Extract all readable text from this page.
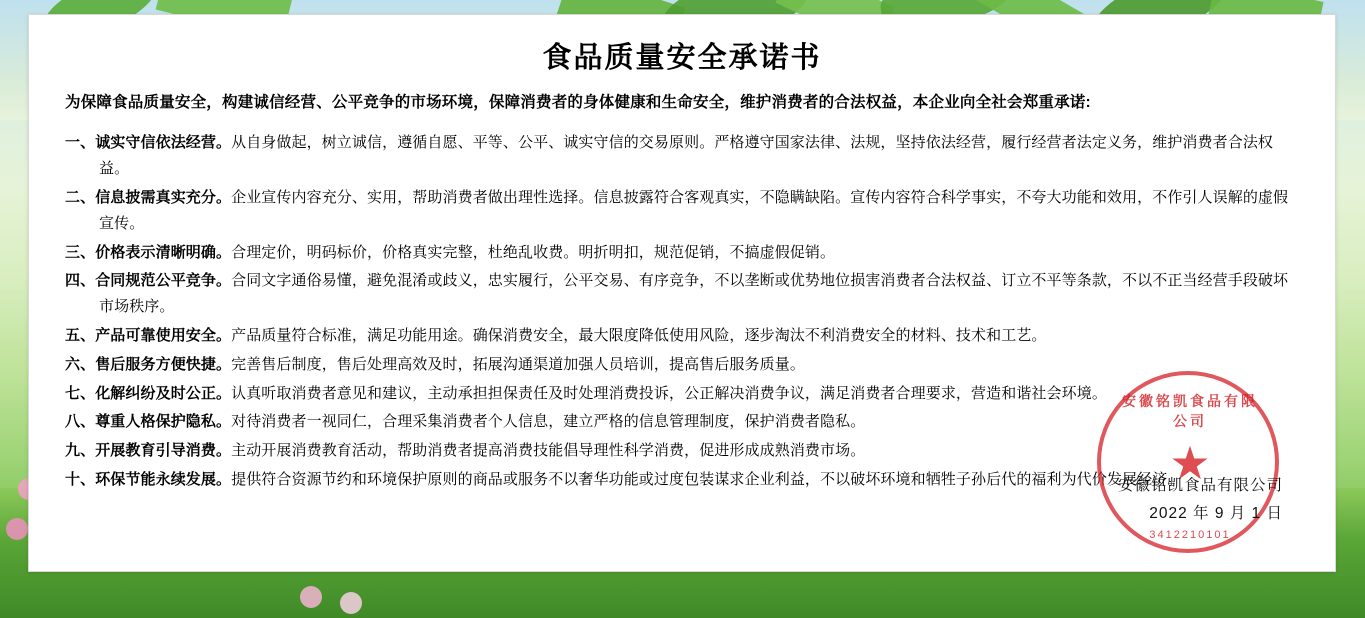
食品质量安全承诺书

为保障食品质量安全，构建诚信经营、公平竞争的市场环境，保障消费者的身体健康和生命安全，维护消费者的合法权益，本企业向全社会郑重承诺:

一、诚实守信依法经营。从自身做起，树立诚信，遵循自愿、平等、公平、诚实守信的交易原则。严格遵守国家法律、法规，坚持依法经营，履行经营者法定义务，维护消费者合法权益。
二、信息披需真实充分。企业宣传内容充分、实用，帮助消费者做出理性选择。信息披露符合客观真实，不隐瞒缺陷。宣传内容符合科学事实，不夸大功能和效用，不作引人误解的虚假宣传。
三、价格表示清晰明确。合理定价，明码标价，价格真实完整，杜绝乱收费。明折明扣，规范促销，不搞虚假促销。
四、合同规范公平竞争。合同文字通俗易懂，避免混淆或歧义，忠实履行，公平交易、有序竞争，不以垄断或优势地位损害消费者合法权益、订立不平等条款，不以不正当经营手段破坏市场秩序。
五、产品可靠使用安全。产品质量符合标准，满足功能用途。确保消费安全，最大限度降低使用风险，逐步淘汰不利消费安全的材料、技术和工艺。
六、售后服务方便快捷。完善售后制度，售后处理高效及时，拓展沟通渠道加强人员培训，提高售后服务质量。
七、化解纠纷及时公正。认真听取消费者意见和建议，主动承担担保责任及时处理消费投诉，公正解决消费争议，满足消费者合理要求，营造和谐社会环境。
八、尊重人格保护隐私。对待消费者一视同仁，合理采集消费者个人信息，建立严格的信息管理制度，保护消费者隐私。
九、开展教育引导消费。主动开展消费教育活动，帮助消费者提高消费技能倡导理性科学消费，促进形成成熟消费市场。
十、环保节能永续发展。提供符合资源节约和环境保护原则的商品或服务不以奢华功能或过度包装谋求企业利益，不以破坏环境和牺牲子孙后代的福利为代价发展经济。
安徽铭凯食品有限公司
★
3412210101
安徽铭凯食品有限公司
2022 年 9 月 1 日
